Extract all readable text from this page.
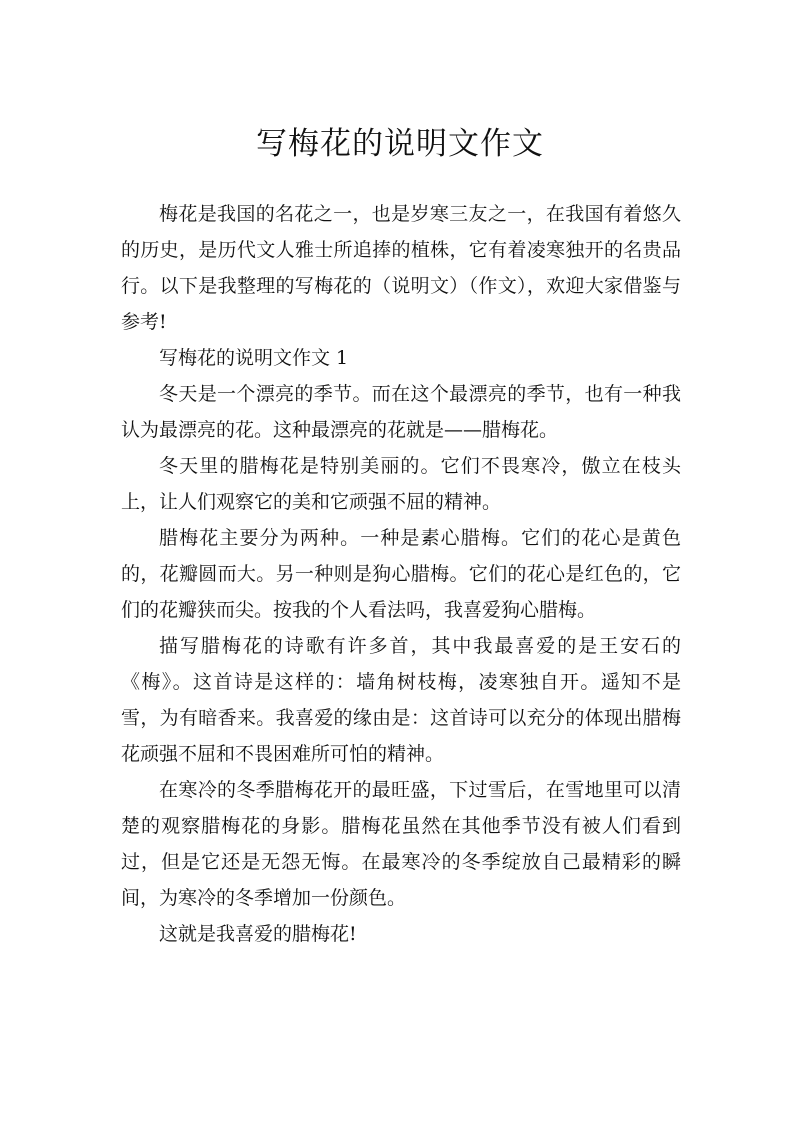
写梅花的说明文作文

梅花是我国的名花之一，也是岁寒三友之一，在我国有着悠久的历史，是历代文人雅士所追捧的植株，它有着凌寒独开的名贵品行。以下是我整理的写梅花的（说明文）（作文），欢迎大家借鉴与参考!

写梅花的说明文作文 1

冬天是一个漂亮的季节。而在这个最漂亮的季节，也有一种我认为最漂亮的花。这种最漂亮的花就是——腊梅花。

冬天里的腊梅花是特别美丽的。它们不畏寒冷，傲立在枝头上，让人们观察它的美和它顽强不屈的精神。

腊梅花主要分为两种。一种是素心腊梅。它们的花心是黄色的，花瓣圆而大。另一种则是狗心腊梅。它们的花心是红色的，它们的花瓣狭而尖。按我的个人看法吗，我喜爱狗心腊梅。

描写腊梅花的诗歌有许多首，其中我最喜爱的是王安石的《梅》。这首诗是这样的：墙角树枝梅，凌寒独自开。遥知不是雪，为有暗香来。我喜爱的缘由是：这首诗可以充分的体现出腊梅花顽强不屈和不畏困难所可怕的精神。

在寒冷的冬季腊梅花开的最旺盛，下过雪后，在雪地里可以清楚的观察腊梅花的身影。腊梅花虽然在其他季节没有被人们看到过，但是它还是无怨无悔。在最寒冷的冬季绽放自己最精彩的瞬间，为寒冷的冬季增加一份颜色。

这就是我喜爱的腊梅花!
